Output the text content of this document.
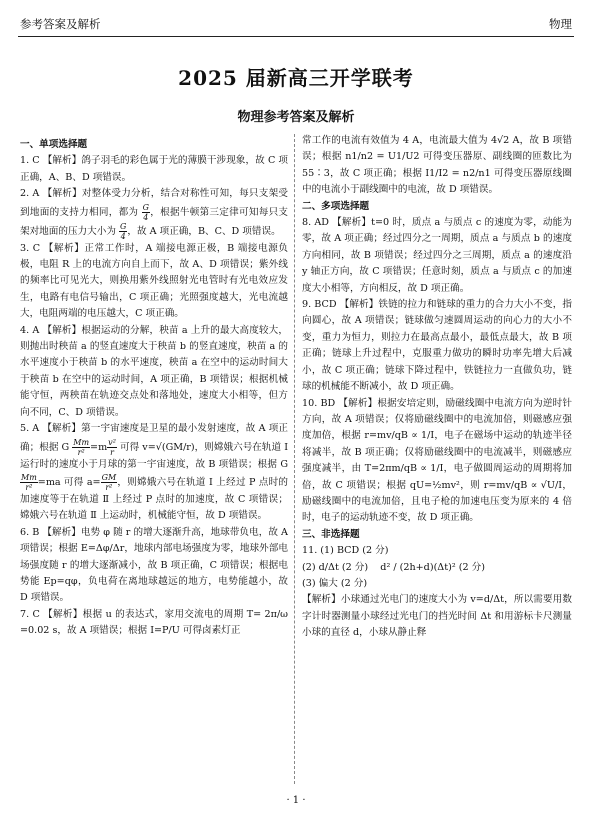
参考答案及解析	物理
2025 届新高三开学联考
物理参考答案及解析

一、单项选择题

1. C 【解析】鸽子羽毛的彩色属于光的薄膜干涉现象，故 C 项正确，A、B、D 项错误。

2. A 【解析】对整体受力分析，结合对称性可知，每只支架受到地面的支持力相同，都为 $\frac{G}{4}$ ，根据牛顿第三定律可知每只支架对地面的压力大小为 $\frac{G}{4}$ ，故 A 项正确，B、C、D 项错误。

3. C 【解析】正常工作时，A 端接电源正极，B 端接电源负极，电阻 R 上的电流方向自上而下，故 A、D 项错误；紫外线的频率比可见光大，则换用紫外线照射光电管时有光电效应发生，电路有电信号输出，C 项正确；光照强度越大，光电流越大，电阻两端的电压越大，C 项正确。

4. A 【解析】根据运动的分解，秧苗 a 上升的最大高度较大，则抛出时秧苗 a 的竖直速度大于秧苗 b 的竖直速度，秧苗 a 的水平速度小于秧苗 b 的水平速度，秧苗 a 在空中的运动时间大于秧苗 b 在空中的运动时间，A 项正确，B 项错误；根据机械能守恒，两秧苗在轨迹交点处和落地处，速度大小相等，但方向不同，C、D 项错误。

5. A 【解析】第一宇宙速度是卫星的最小发射速度，故 A 项正确；根据 G $\frac{Mm}{\text{r²}} =m \frac{\text{v²}}{r}$ 可得 v=√(GM/r)，则嫦娥六号在轨道 Ⅰ 运行时的速度小于月球的第一宇宙速度，故 B 项错误；根据 G
$\frac{Mm}{\text{r²}} =ma$ 可得 $a= \frac{GM}{\text{r²}}$ ，则嫦娥六号在轨道 Ⅰ 上经过 P 点时的加速度等于在轨道 Ⅱ 上经过 P 点时的加速度，故 C 项错误；嫦娥六号在轨道 Ⅱ 上运动时，机械能守恒，故 D 项错误。

6. B 【解析】电势 φ 随 r 的增大逐渐升高，地球带负电，故 A 项错误；根据 E=Δφ/Δr，地球内部电场强度为零，地球外部电场强度随 r 的增大逐渐减小，故 B 项正确，C 项错误；根据电势能 Ep=qφ，负电荷在离地球越远的地方，电势能越小，故 D 项错误。

7. C 【解析】根据 u 的表达式，家用交流电的周期 T= 2π/ω =0.02 s，故 A 项错误；根据 I=P/U 可得卤素灯正

常工作的电流有效值为 4 A，电流最大值为 4√2 A，故 B 项错误；根据 n1/n2 = U1/U2 可得变压器原、副线圈的匝数比为 55∶3，故 C 项正确；根据 I1/I2 = n2/n1 可得变压器原线圈中的电流小于副线圈中的电流，故 D 项错误。

二、多项选择题

8. AD 【解析】t=0 时，质点 a 与质点 c 的速度为零，动能为零，故 A 项正确；经过四分之一周期，质点 a 与质点 b 的速度方向相同，故 B 项错误；经过四分之三周期，质点 a 的速度沿 y 轴正方向，故 C 项错误；任意时刻，质点 a 与质点 c 的加速度大小相等，方向相反，故 D 项正确。

9. BCD 【解析】铁链的拉力和链球的重力的合力大小不变，指向圆心，故 A 项错误；链球做匀速圆周运动的向心力的大小不变，重力为恒力，则拉力在最高点最小，最低点最大，故 B 项正确；链球上升过程中，克服重力做功的瞬时功率先增大后减小，故 C 项正确；链球下降过程中，铁链拉力一直做负功，链球的机械能不断减小，故 D 项正确。

10. BD 【解析】根据安培定则，励磁线圈中电流方向为逆时针方向，故 A 项错误；仅将励磁线圈中的电流加倍，则磁感应强度加倍，根据 r=mv/qB ∝ 1/I，电子在磁场中运动的轨迹半径将减半，故 B 项正确；仅将励磁线圈中的电流减半，则磁感应强度减半，由 T=2πm/qB ∝ 1/I，电子做圆周运动的周期将加倍，故 C 项错误；根据 qU=½mv²，则 r=mv/qB ∝ √U/I，励磁线圈中的电流加倍，且电子枪的加速电压变为原来的 4 倍时，电子的运动轨迹不变，故 D 项正确。

三、非选择题

11. (1) BCD (2 分)

(2) d/Δt (2 分) d² / (2h+d)(Δt)² (2 分)

(3) 偏大 (2 分)

【解析】小球通过光电门的速度大小为 v=d/Δt，所以需要用数字计时器测量小球经过光电门的挡光时间 Δt 和用游标卡尺测量小球的直径 d，小球从静止释

· 1 ·
